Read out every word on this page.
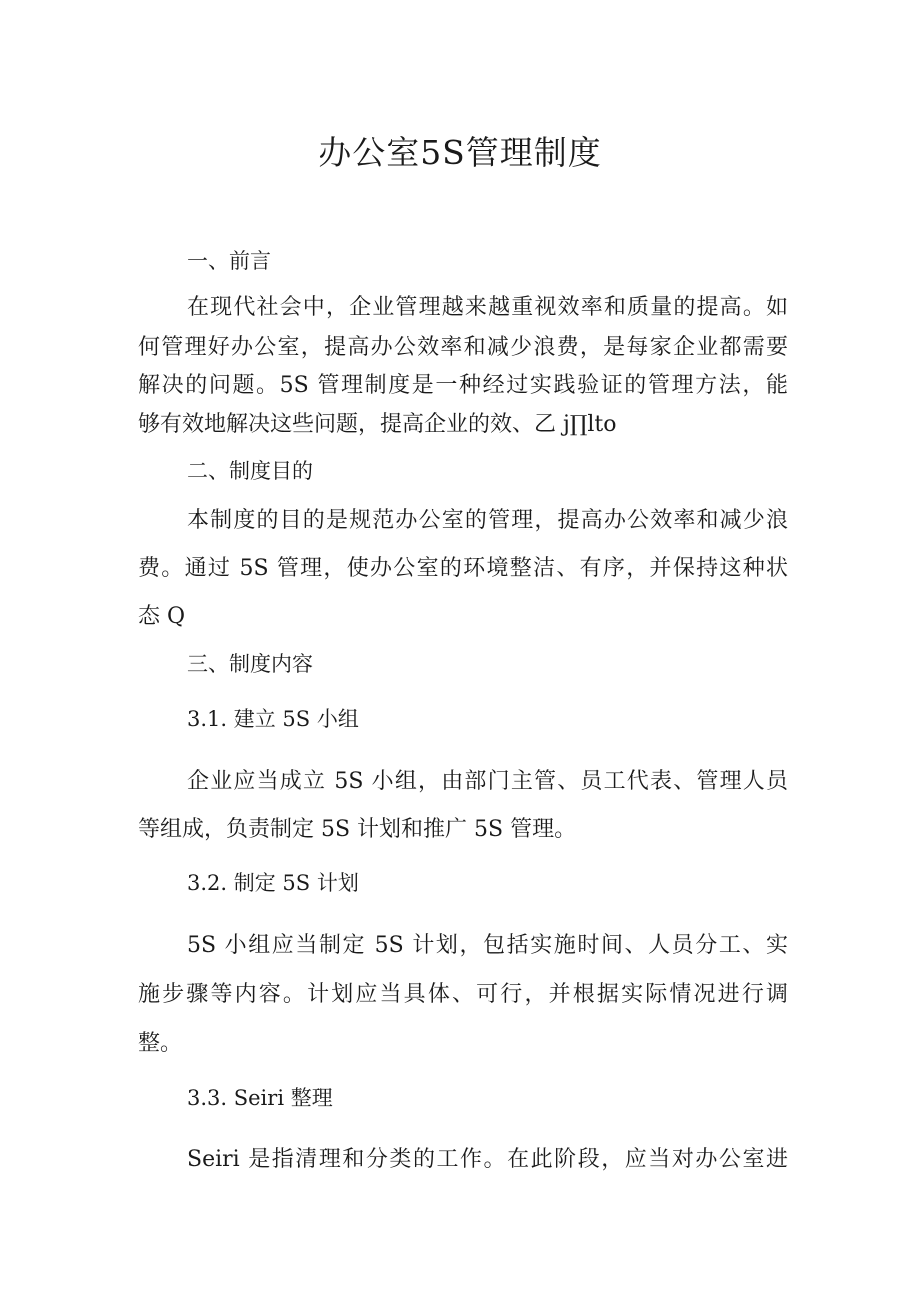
办公室5S管理制度
一、前言
在现代社会中，企业管理越来越重视效率和质量的提高。如
何管理好办公室，提高办公效率和减少浪费，是每家企业都需要
解决的问题。5S 管理制度是一种经过实践验证的管理方法，能
够有效地解决这些问题，提高企业的效、乙 j∏lto
二、制度目的
本制度的目的是规范办公室的管理，提高办公效率和减少浪
费。通过 5S 管理，使办公室的环境整洁、有序，并保持这种状
态 Q
三、制度内容
3.1. 建立 5S 小组
企业应当成立 5S 小组，由部门主管、员工代表、管理人员
等组成，负责制定 5S 计划和推广 5S 管理。
3.2. 制定 5S 计划
5S 小组应当制定 5S 计划，包括实施时间、人员分工、实
施步骤等内容。计划应当具体、可行，并根据实际情况进行调
整。
3.3. Seiri 整理
Seiri 是指清理和分类的工作。在此阶段，应当对办公室进
